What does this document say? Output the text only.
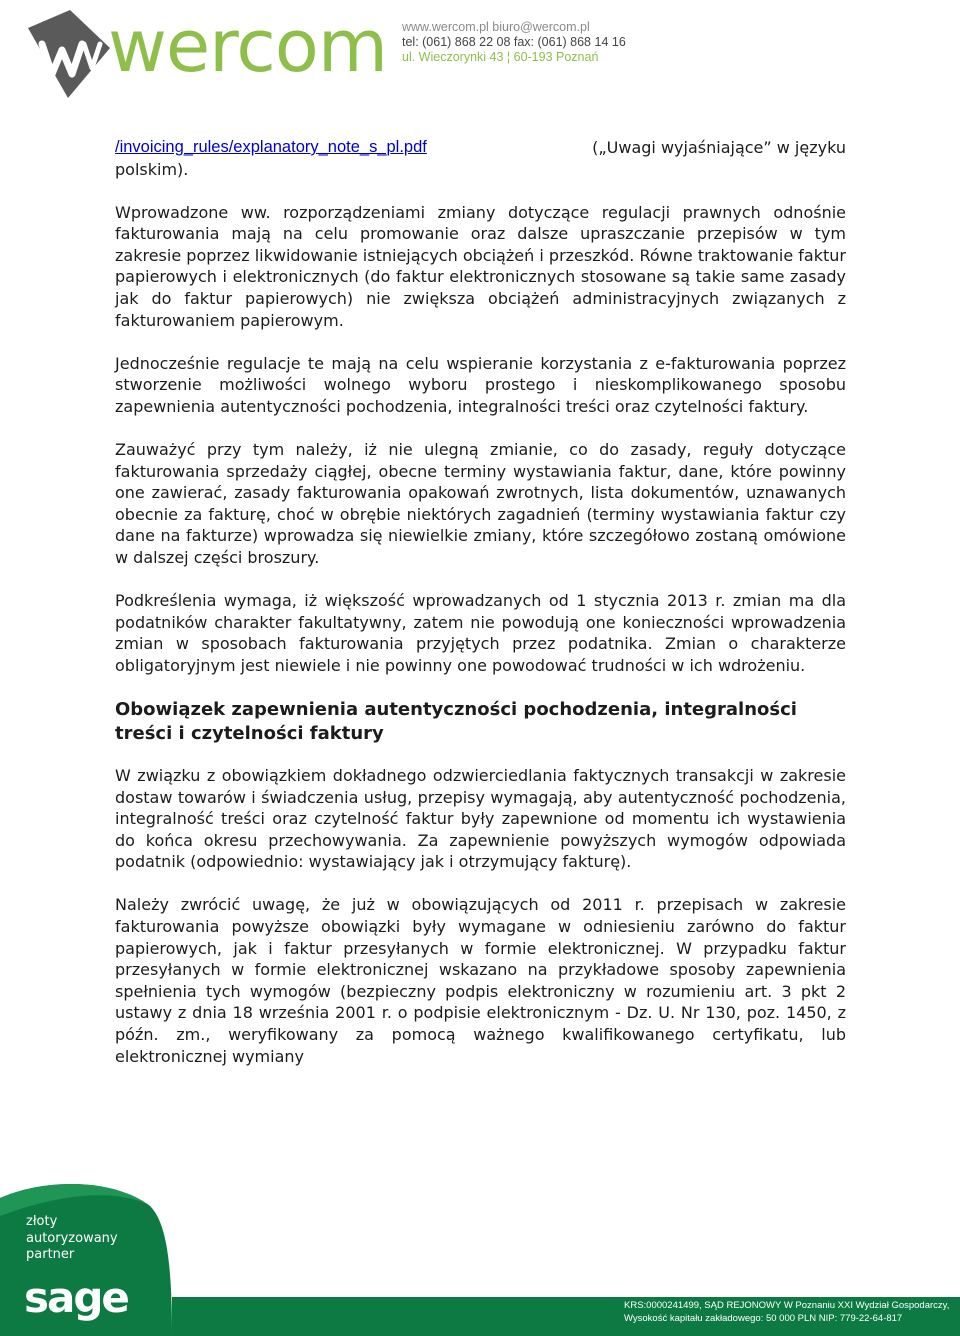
wercom www.wercom.pl biuro@wercom.pl
tel: (061) 868 22 08 fax: (061) 868 14 16
ul. Wieczorynki 43 ¦ 60-193 Poznań
/invoicing_rules/explanatory_note_s_pl.pdf	(„Uwagi wyjaśniające” w języku

polskim).

Wprowadzone ww. rozporządzeniami zmiany dotyczące regulacji prawnych odnośnie fakturowania mają na celu promowanie oraz dalsze upraszczanie przepisów w tym zakresie poprzez likwidowanie istniejących obciążeń i przeszkód. Równe traktowanie faktur papierowych i elektronicznych (do faktur elektronicznych stosowane są takie same zasady jak do faktur papierowych) nie zwiększa obciążeń administracyjnych związanych z fakturowaniem papierowym.

Jednocześnie regulacje te mają na celu wspieranie korzystania z e-fakturowania poprzez stworzenie możliwości wolnego wyboru prostego i nieskomplikowanego sposobu zapewnienia autentyczności pochodzenia, integralności treści oraz czytelności faktury.

Zauważyć przy tym należy, iż nie ulegną zmianie, co do zasady, reguły dotyczące fakturowania sprzedaży ciągłej, obecne terminy wystawiania faktur, dane, które powinny one zawierać, zasady fakturowania opakowań zwrotnych, lista dokumentów, uznawanych obecnie za fakturę, choć w obrębie niektórych zagadnień (terminy wystawiania faktur czy dane na fakturze) wprowadza się niewielkie zmiany, które szczegółowo zostaną omówione w dalszej części broszury.

Podkreślenia wymaga, iż większość wprowadzanych od 1 stycznia 2013 r. zmian ma dla podatników charakter fakultatywny, zatem nie powodują one konieczności wprowadzenia zmian w sposobach fakturowania przyjętych przez podatnika. Zmian o charakterze obligatoryjnym jest niewiele i nie powinny one powodować trudności w ich wdrożeniu.

Obowiązek zapewnienia autentyczności pochodzenia, integralności treści i czytelności faktury

W związku z obowiązkiem dokładnego odzwierciedlania faktycznych transakcji w zakresie dostaw towarów i świadczenia usług, przepisy wymagają, aby autentyczność pochodzenia, integralność treści oraz czytelność faktur były zapewnione od momentu ich wystawienia do końca okresu przechowywania. Za zapewnienie powyższych wymogów odpowiada podatnik (odpowiednio: wystawiający jak i otrzymujący fakturę).

Należy zwrócić uwagę, że już w obowiązujących od 2011 r. przepisach w zakresie fakturowania powyższe obowiązki były wymagane w odniesieniu zarówno do faktur papierowych, jak i faktur przesyłanych w formie elektronicznej. W przypadku faktur przesyłanych w formie elektronicznej wskazano na przykładowe sposoby zapewnienia spełnienia tych wymogów (bezpieczny podpis elektroniczny w rozumieniu art. 3 pkt 2 ustawy z dnia 18 września 2001 r. o podpisie elektronicznym - Dz. U. Nr 130, poz. 1450, z późn. zm., weryfikowany za pomocą ważnego kwalifikowanego certyfikatu, lub elektronicznej wymiany

złoty
autoryzowany
partner
sage	KRS:0000241499, SĄD REJONOWY W Poznaniu XXI Wydział Gospodarczy,
Wysokość kapitału zakładowego: 50 000 PLN NIP: 779-22-64-817
